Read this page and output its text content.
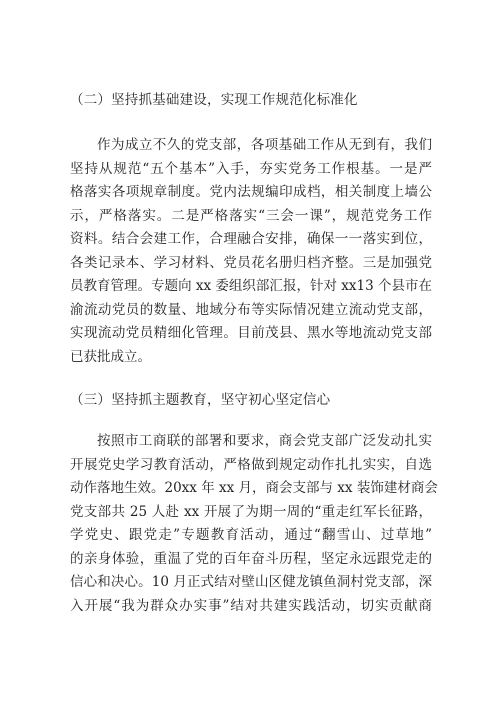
（二）坚持抓基础建设，实现工作规范化标准化
作为成立不久的党支部，各项基础工作从无到有，我们
坚持从规范“五个基本”入手，夯实党务工作根基。一是严
格落实各项规章制度。党内法规编印成档，相关制度上墙公
示，严格落实。二是严格落实“三会一课”，规范党务工作
资料。结合会建工作，合理融合安排，确保一一落实到位，
各类记录本、学习材料、党员花名册归档齐整。三是加强党
员教育管理。专题向 xx 委组织部汇报，针对 xx13 个县市在
渝流动党员的数量、地域分布等实际情况建立流动党支部，
实现流动党员精细化管理。目前茂县、黑水等地流动党支部
已获批成立。
（三）坚持抓主题教育，坚守初心坚定信心
按照市工商联的部署和要求，商会党支部广泛发动扎实
开展党史学习教育活动，严格做到规定动作扎扎实实，自选
动作落地生效。20xx 年 xx 月，商会支部与 xx 装饰建材商会
党支部共 25 人赴 xx 开展了为期一周的“重走红军长征路，
学党史、跟党走”专题教育活动，通过“翻雪山、过草地”
的亲身体验，重温了党的百年奋斗历程，坚定永远跟党走的
信心和决心。10 月正式结对壁山区健龙镇鱼洞村党支部，深
入开展“我为群众办实事”结对共建实践活动，切实贡献商
